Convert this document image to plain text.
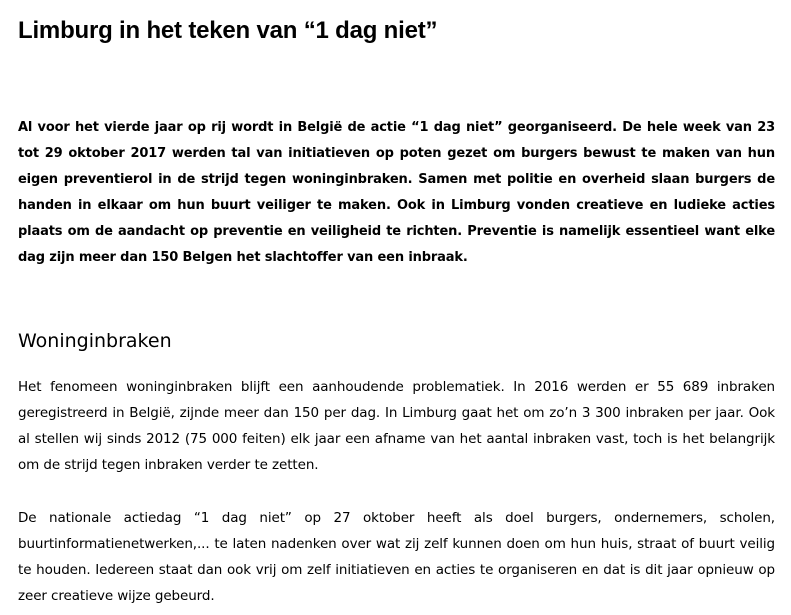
Limburg in het teken van “1 dag niet”

Al voor het vierde jaar op rij wordt in België de actie “1 dag niet” georganiseerd. De hele week van 23 tot 29 oktober 2017 werden tal van initiatieven op poten gezet om burgers bewust te maken van hun eigen preventierol in de strijd tegen woninginbraken. Samen met politie en overheid slaan burgers de handen in elkaar om hun buurt veiliger te maken. Ook in Limburg vonden creatieve en ludieke acties plaats om de aandacht op preventie en veiligheid te richten. Preventie is namelijk essentieel want elke dag zijn meer dan 150 Belgen het slachtoffer van een inbraak.

Woninginbraken

Het fenomeen woninginbraken blijft een aanhoudende problematiek. In 2016 werden er 55 689 inbraken geregistreerd in België, zijnde meer dan 150 per dag. In Limburg gaat het om zo’n 3 300 inbraken per jaar. Ook al stellen wij sinds 2012 (75 000 feiten) elk jaar een afname van het aantal inbraken vast, toch is het belangrijk om de strijd tegen inbraken verder te zetten.

De nationale actiedag “1 dag niet” op 27 oktober heeft als doel burgers, ondernemers, scholen, buurtinformatienetwerken,... te laten nadenken over wat zij zelf kunnen doen om hun huis, straat of buurt veilig te houden. Iedereen staat dan ook vrij om zelf initiatieven en acties te organiseren en dat is dit jaar opnieuw op zeer creatieve wijze gebeurd.
